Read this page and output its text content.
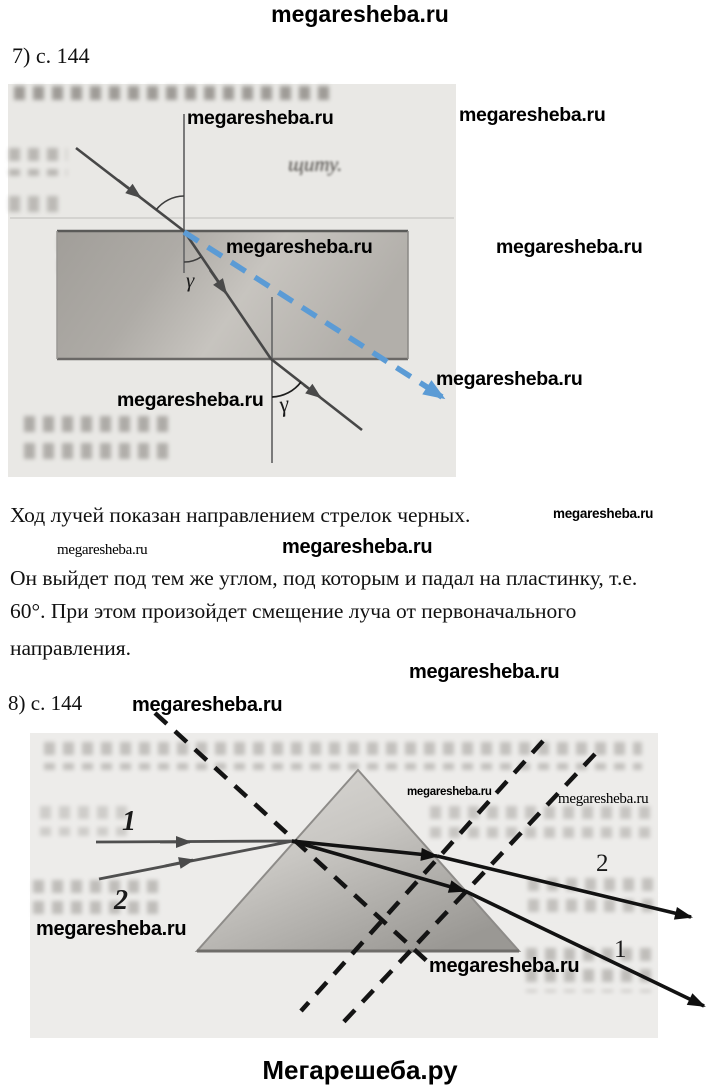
megaresheba.ru
7) с. 144
щиту.
γ
γ
1
2
2
1
megaresheba.ru
megaresheba.ru
megaresheba.ru
megaresheba.ru
megaresheba.ru
megaresheba.ru
Ход лучей показан направлением стрелок черных.	megaresheba.ru
megaresheba.ru	megaresheba.ru
Он выйдет под тем же углом, под которым и падал на пластинку, т.е.
60°. При этом произойдет смещение луча от первоначального
направления.
megaresheba.ru
megaresheba.ru
8) с. 144
megaresheba.ru	megaresheba.ru
megaresheba.ru
megaresheba.ru
Мегарешеба.ру
